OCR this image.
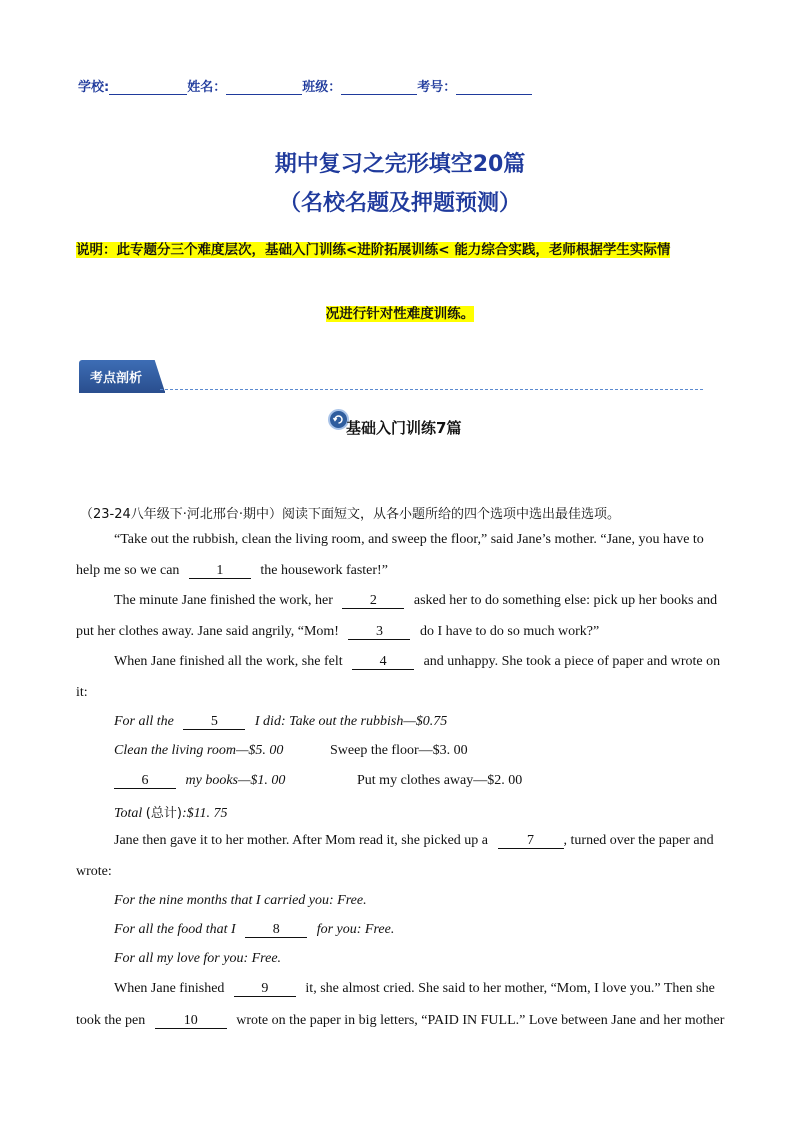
学校:	姓名：	班级：	考号：
期中复习之完形填空20篇
（名校名题及押题预测）
说明：此专题分三个难度层次，基础入门训练<进阶拓展训练< 能力综合实践，老师根据学生实际情
况进行针对性难度训练。
考点剖析
基础入门训练7篇
（23-24八年级下·河北邢台·期中）阅读下面短文，从各小题所给的四个选项中选出最佳选项。
“Take out the rubbish, clean the living room, and sweep the floor,” said Jane’s mother. “Jane, you have to
help me so we can	1	the housework faster!”
The minute Jane finished the work, her	2	asked her to do something else: pick up her books and
put her clothes away. Jane said angrily, “Mom!	3	do I have to do so much work?”
When Jane finished all the work, she felt	4	and unhappy. She took a piece of paper and wrote on
it:
For all the	5	I did: Take out the rubbish—$0.75
Clean the living room—$5. 00	Sweep the floor—$3. 00
6	my books—$1. 00	Put my clothes away—$2. 00
Total (总计):$11. 75
Jane then gave it to her mother. After Mom read it, she picked up a	7 , turned over the paper and
wrote:
For the nine months that I carried you: Free.
For all the food that I	8	for you: Free.
For all my love for you: Free.
When Jane finished	9	it, she almost cried. She said to her mother, “Mom, I love you.” Then she
took the pen	10	wrote on the paper in big letters, “PAID IN FULL.” Love between Jane and her mother
